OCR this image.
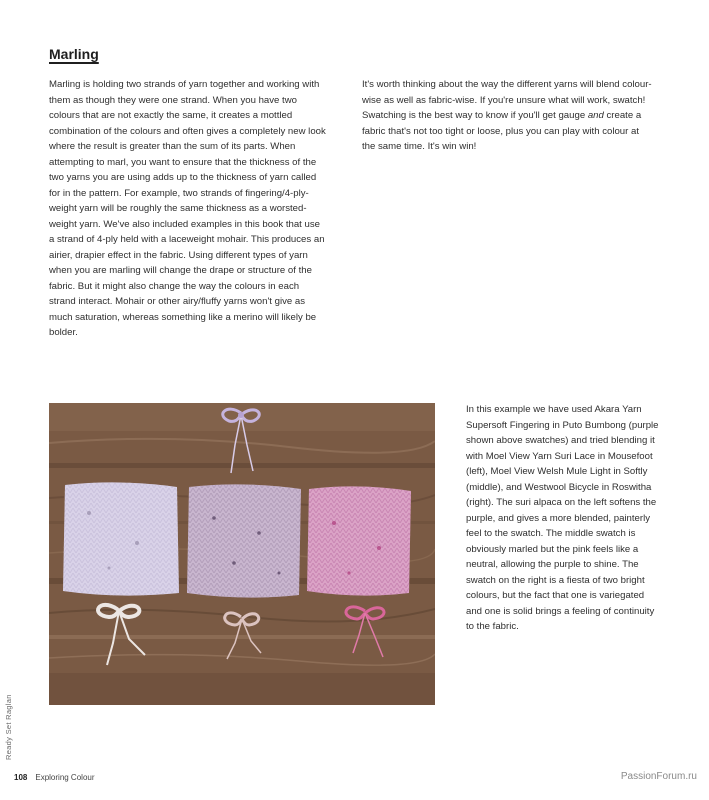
Marling

Marling is holding two strands of yarn together and working with them as though they were one strand. When you have two colours that are not exactly the same, it creates a mottled combination of the colours and often gives a completely new look where the result is greater than the sum of its parts. When attempting to marl, you want to ensure that the thickness of the two yarns you are using adds up to the thickness of yarn called for in the pattern. For example, two strands of fingering/4-ply-weight yarn will be roughly the same thickness as a worsted-weight yarn. We've also included examples in this book that use a strand of 4-ply held with a laceweight mohair. This produces an airier, drapier effect in the fabric. Using different types of yarn when you are marling will change the drape or structure of the fabric. But it might also change the way the colours in each strand interact. Mohair or other airy/fluffy yarns won't give as much saturation, whereas something like a merino will likely be bolder.

It's worth thinking about the way the different yarns will blend colour-wise as well as fabric-wise. If you're unsure what will work, swatch! Swatching is the best way to know if you'll get gauge and create a fabric that's not too tight or loose, plus you can play with colour at the same time. It's win win!

In this example we have used Akara Yarn Supersoft Fingering in Puto Bumbong (purple shown above swatches) and tried blending it with Moel View Yarn Suri Lace in Mousefoot (left), Moel View Welsh Mule Light in Softly (middle), and Westwool Bicycle in Roswitha (right). The suri alpaca on the left softens the purple, and gives a more blended, painterly feel to the swatch. The middle swatch is obviously marled but the pink feels like a neutral, allowing the purple to shine. The swatch on the right is a fiesta of two bright colours, but the fact that one is variegated and one is solid brings a feeling of continuity to the fabric.

Ready Set Raglan
108 Exploring Colour	PassionForum.ru
